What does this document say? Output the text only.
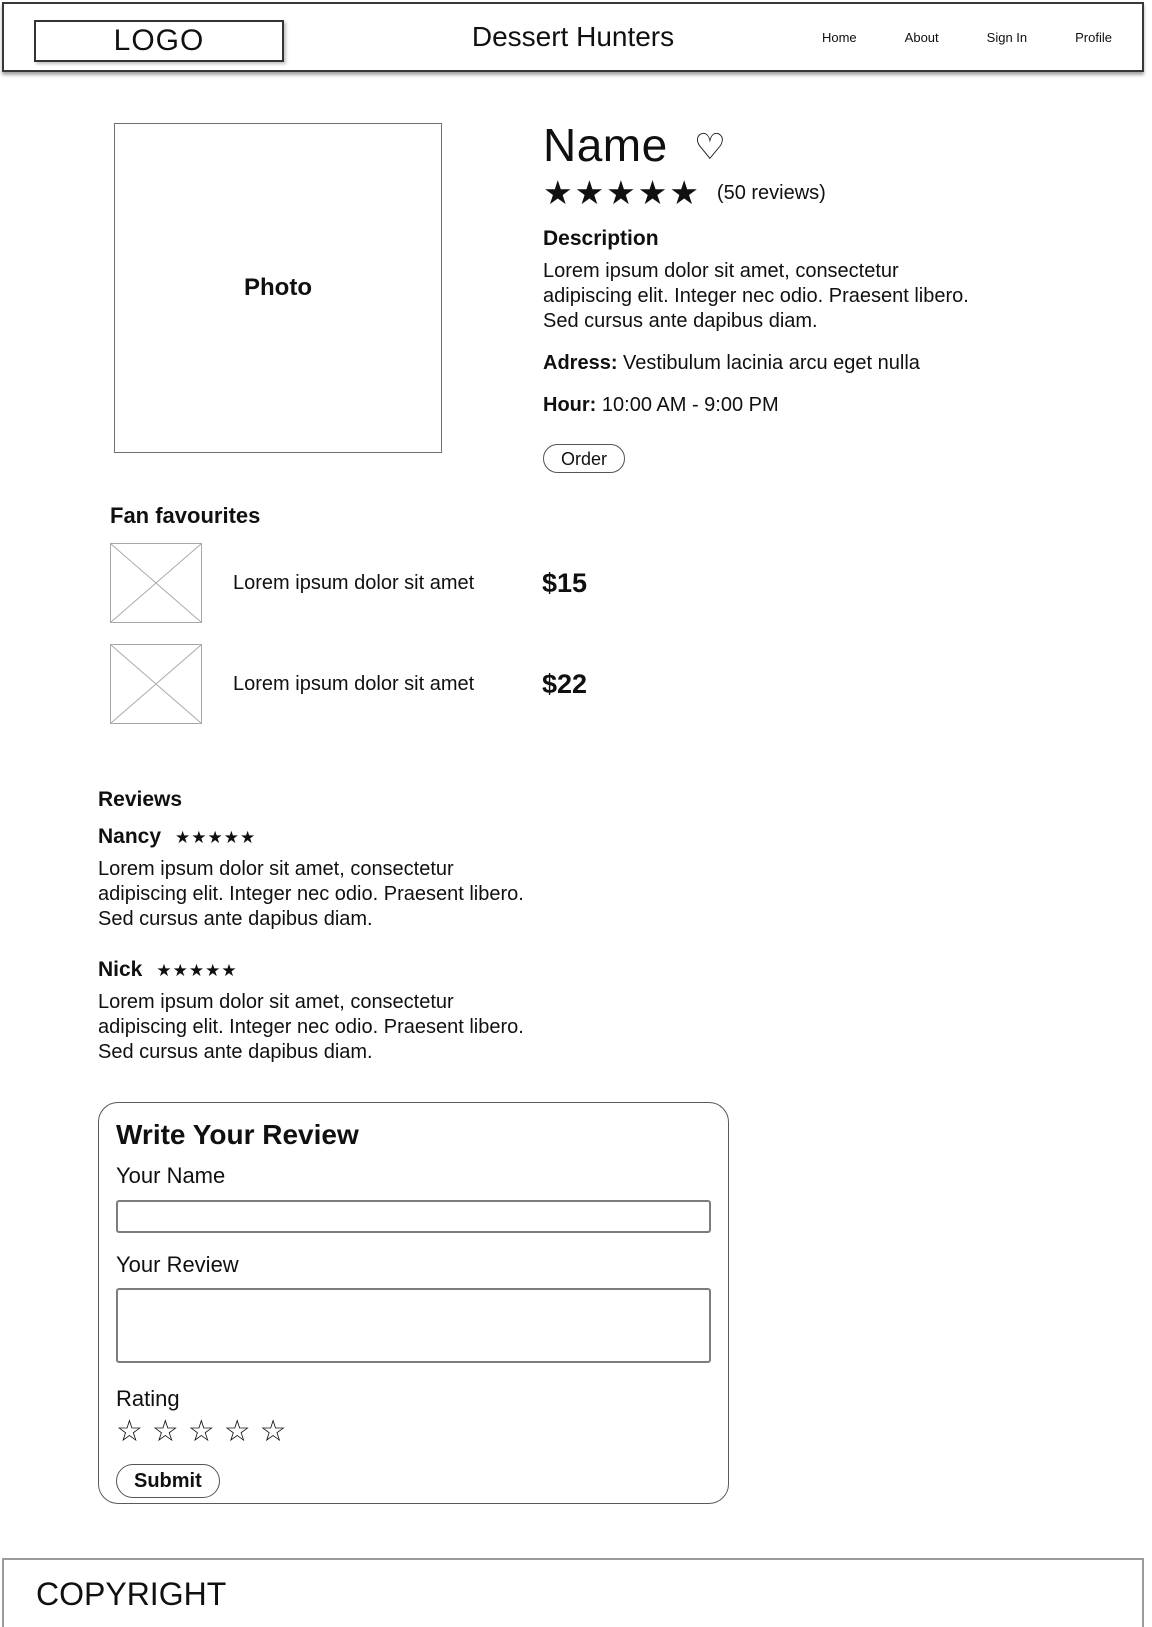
LOGO	Dessert Hunters	Home	About	Sign In	Profile
Photo
Name ♡
★★★★★ (50 reviews)
Description
Lorem ipsum dolor sit amet, consectetur
adipiscing elit. Integer nec odio. Praesent libero.
Sed cursus ante dapibus diam.

Adress: Vestibulum lacinia arcu eget nulla

Hour: 10:00 AM - 9:00 PM

Order
Fan favourites
Lorem ipsum dolor sit amet	$15
Lorem ipsum dolor sit amet	$22
Reviews
Nancy ★★★★★
Lorem ipsum dolor sit amet, consectetur
adipiscing elit. Integer nec odio. Praesent libero.
Sed cursus ante dapibus diam.
Nick ★★★★★
Lorem ipsum dolor sit amet, consectetur
adipiscing elit. Integer nec odio. Praesent libero.
Sed cursus ante dapibus diam.
Write Your Review
Your Name
Your Review
Rating
☆☆☆☆☆
Submit
COPYRIGHT
